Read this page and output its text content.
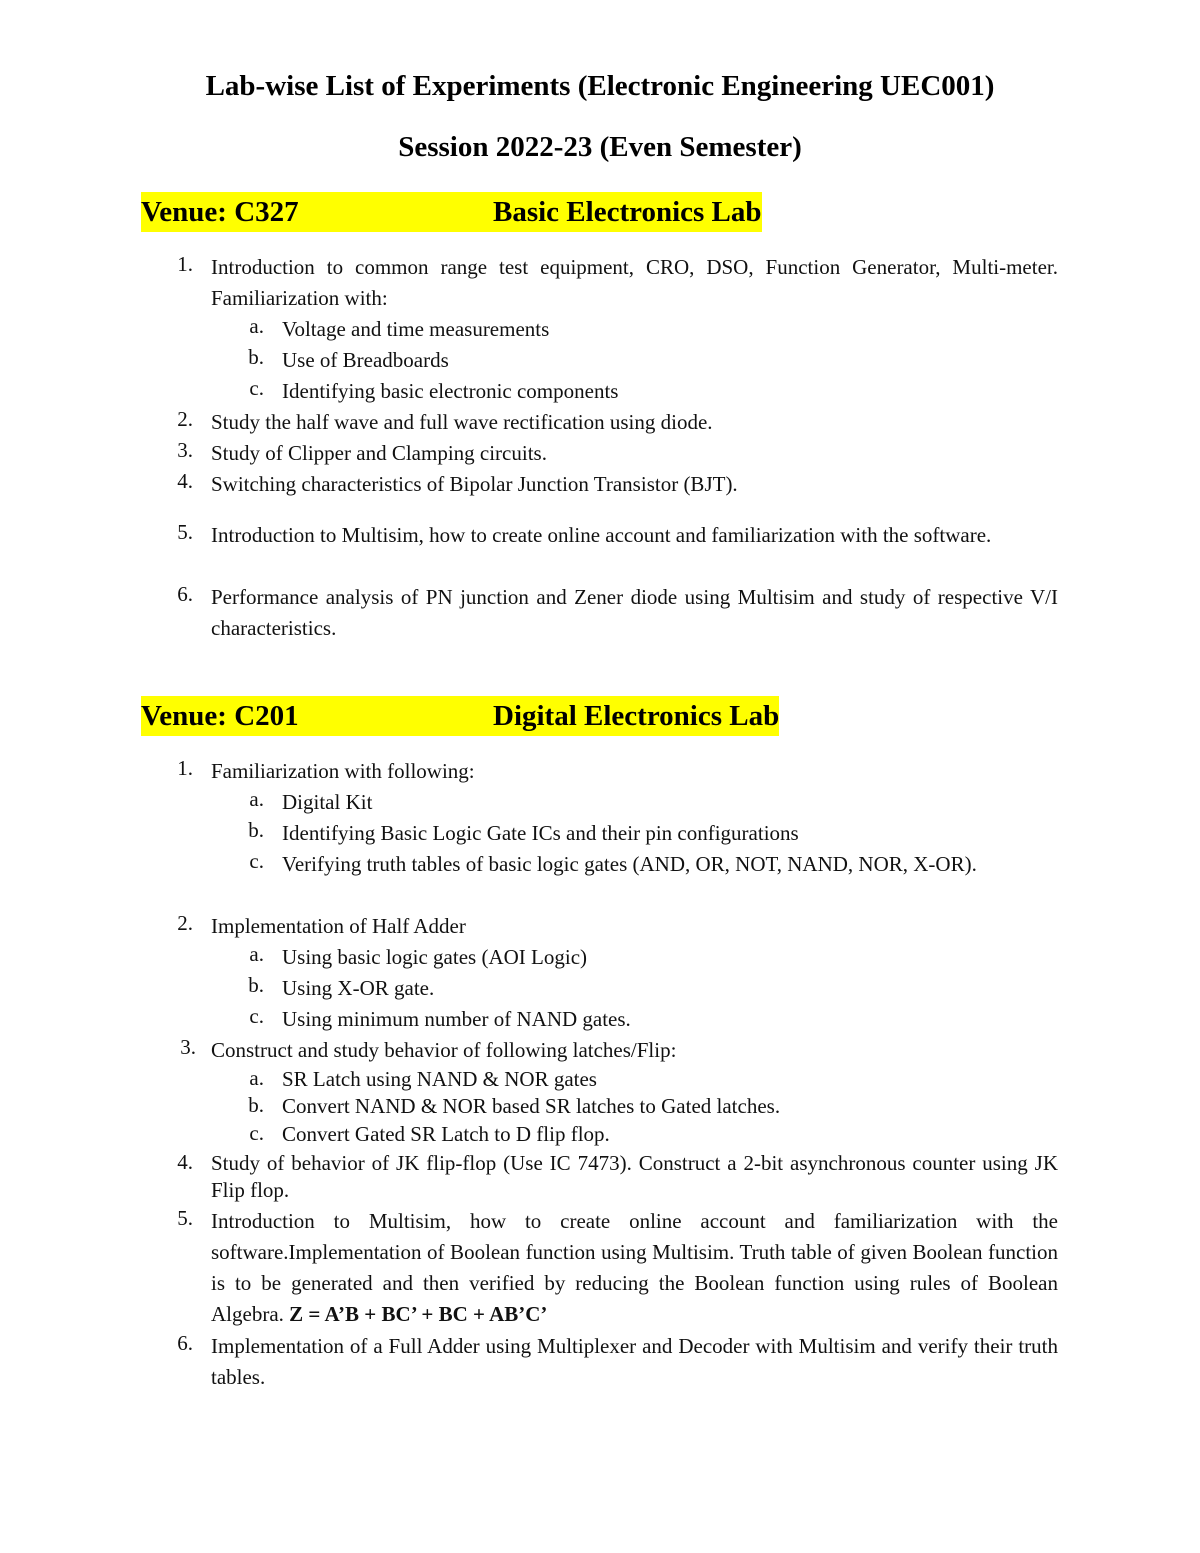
Lab-wise List of Experiments (Electronic Engineering UEC001)
Session 2022-23 (Even Semester)
Venue: C327	Basic Electronics Lab
1. Introduction to common range test equipment, CRO, DSO, Function Generator, Multi-meter. Familiarization with:
a. Voltage and time measurements
b. Use of Breadboards
c. Identifying basic electronic components
2. Study the half wave and full wave rectification using diode.
3. Study of Clipper and Clamping circuits.
4. Switching characteristics of Bipolar Junction Transistor (BJT).
5. Introduction to Multisim, how to create online account and familiarization with the software.
6. Performance analysis of PN junction and Zener diode using Multisim and study of respective V/I characteristics.
Venue: C201	Digital Electronics Lab
1. Familiarization with following:
a. Digital Kit
b. Identifying Basic Logic Gate ICs and their pin configurations
c. Verifying truth tables of basic logic gates (AND, OR, NOT, NAND, NOR, X-OR).
2. Implementation of Half Adder
a. Using basic logic gates (AOI Logic)
b. Using X-OR gate.
c. Using minimum number of NAND gates.
3. Construct and study behavior of following latches/Flip:
a. SR Latch using NAND & NOR gates
b. Convert NAND & NOR based SR latches to Gated latches.
c. Convert Gated SR Latch to D flip flop.
4. Study of behavior of JK flip-flop (Use IC 7473). Construct a 2-bit asynchronous counter using JK Flip flop.
5. Introduction to Multisim, how to create online account and familiarization with the software.Implementation of Boolean function using Multisim. Truth table of given Boolean function is to be generated and then verified by reducing the Boolean function using rules of Boolean Algebra. Z = A’B + BC’ + BC + AB’C’
6. Implementation of a Full Adder using Multiplexer and Decoder with Multisim and verify their truth tables.
